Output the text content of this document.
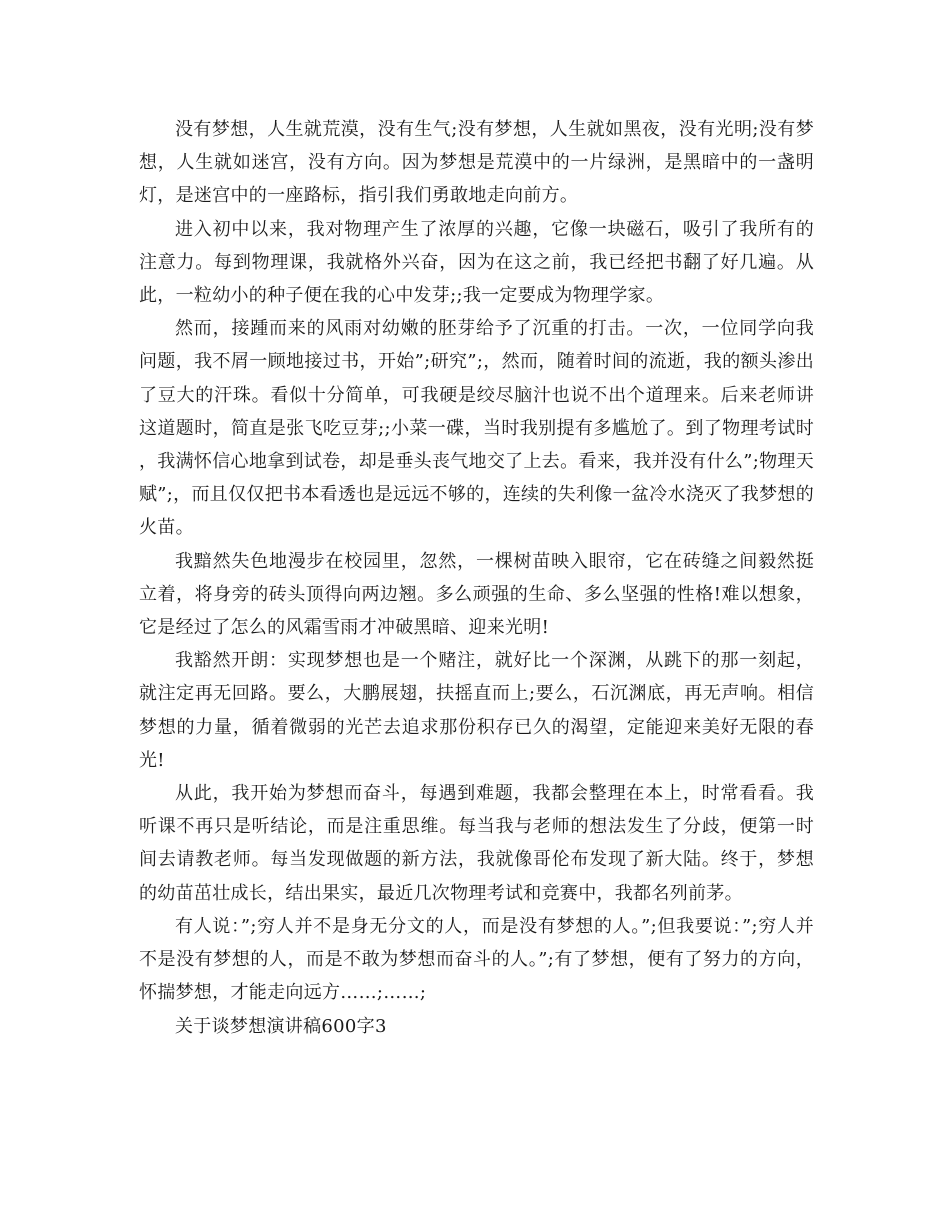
没有梦想，人生就荒漠，没有生气;没有梦想，人生就如黑夜，没有光明;没有梦想，人生就如迷宫，没有方向。因为梦想是荒漠中的一片绿洲，是黑暗中的一盏明灯，是迷宫中的一座路标，指引我们勇敢地走向前方。

进入初中以来，我对物理产生了浓厚的兴趣，它像一块磁石，吸引了我所有的注意力。每到物理课，我就格外兴奋，因为在这之前，我已经把书翻了好几遍。从此，一粒幼小的种子便在我的心中发芽;;我一定要成为物理学家。

然而，接踵而来的风雨对幼嫩的胚芽给予了沉重的打击。一次，一位同学向我问题，我不屑一顾地接过书，开始”;研究”;，然而，随着时间的流逝，我的额头渗出了豆大的汗珠。看似十分简单，可我硬是绞尽脑汁也说不出个道理来。后来老师讲这道题时，简直是张飞吃豆芽;;小菜一碟，当时我别提有多尴尬了。到了物理考试时，我满怀信心地拿到试卷，却是垂头丧气地交了上去。看来，我并没有什么”;物理天赋”;，而且仅仅把书本看透也是远远不够的，连续的失利像一盆冷水浇灭了我梦想的火苗。

我黯然失色地漫步在校园里，忽然，一棵树苗映入眼帘，它在砖缝之间毅然挺立着，将身旁的砖头顶得向两边翘。多么顽强的生命、多么坚强的性格!难以想象，它是经过了怎么的风霜雪雨才冲破黑暗、迎来光明!

我豁然开朗：实现梦想也是一个赌注，就好比一个深渊，从跳下的那一刻起，就注定再无回路。要么，大鹏展翅，扶摇直而上;要么，石沉渊底，再无声响。相信梦想的力量，循着微弱的光芒去追求那份积存已久的渴望，定能迎来美好无限的春光!

从此，我开始为梦想而奋斗，每遇到难题，我都会整理在本上，时常看看。我听课不再只是听结论，而是注重思维。每当我与老师的想法发生了分歧，便第一时间去请教老师。每当发现做题的新方法，我就像哥伦布发现了新大陆。终于，梦想的幼苗茁壮成长，结出果实，最近几次物理考试和竞赛中，我都名列前茅。

有人说：”;穷人并不是身无分文的人，而是没有梦想的人。”;但我要说：”;穷人并不是没有梦想的人，而是不敢为梦想而奋斗的人。”;有了梦想，便有了努力的方向，怀揣梦想，才能走向远方……;……;

关于谈梦想演讲稿600字3
